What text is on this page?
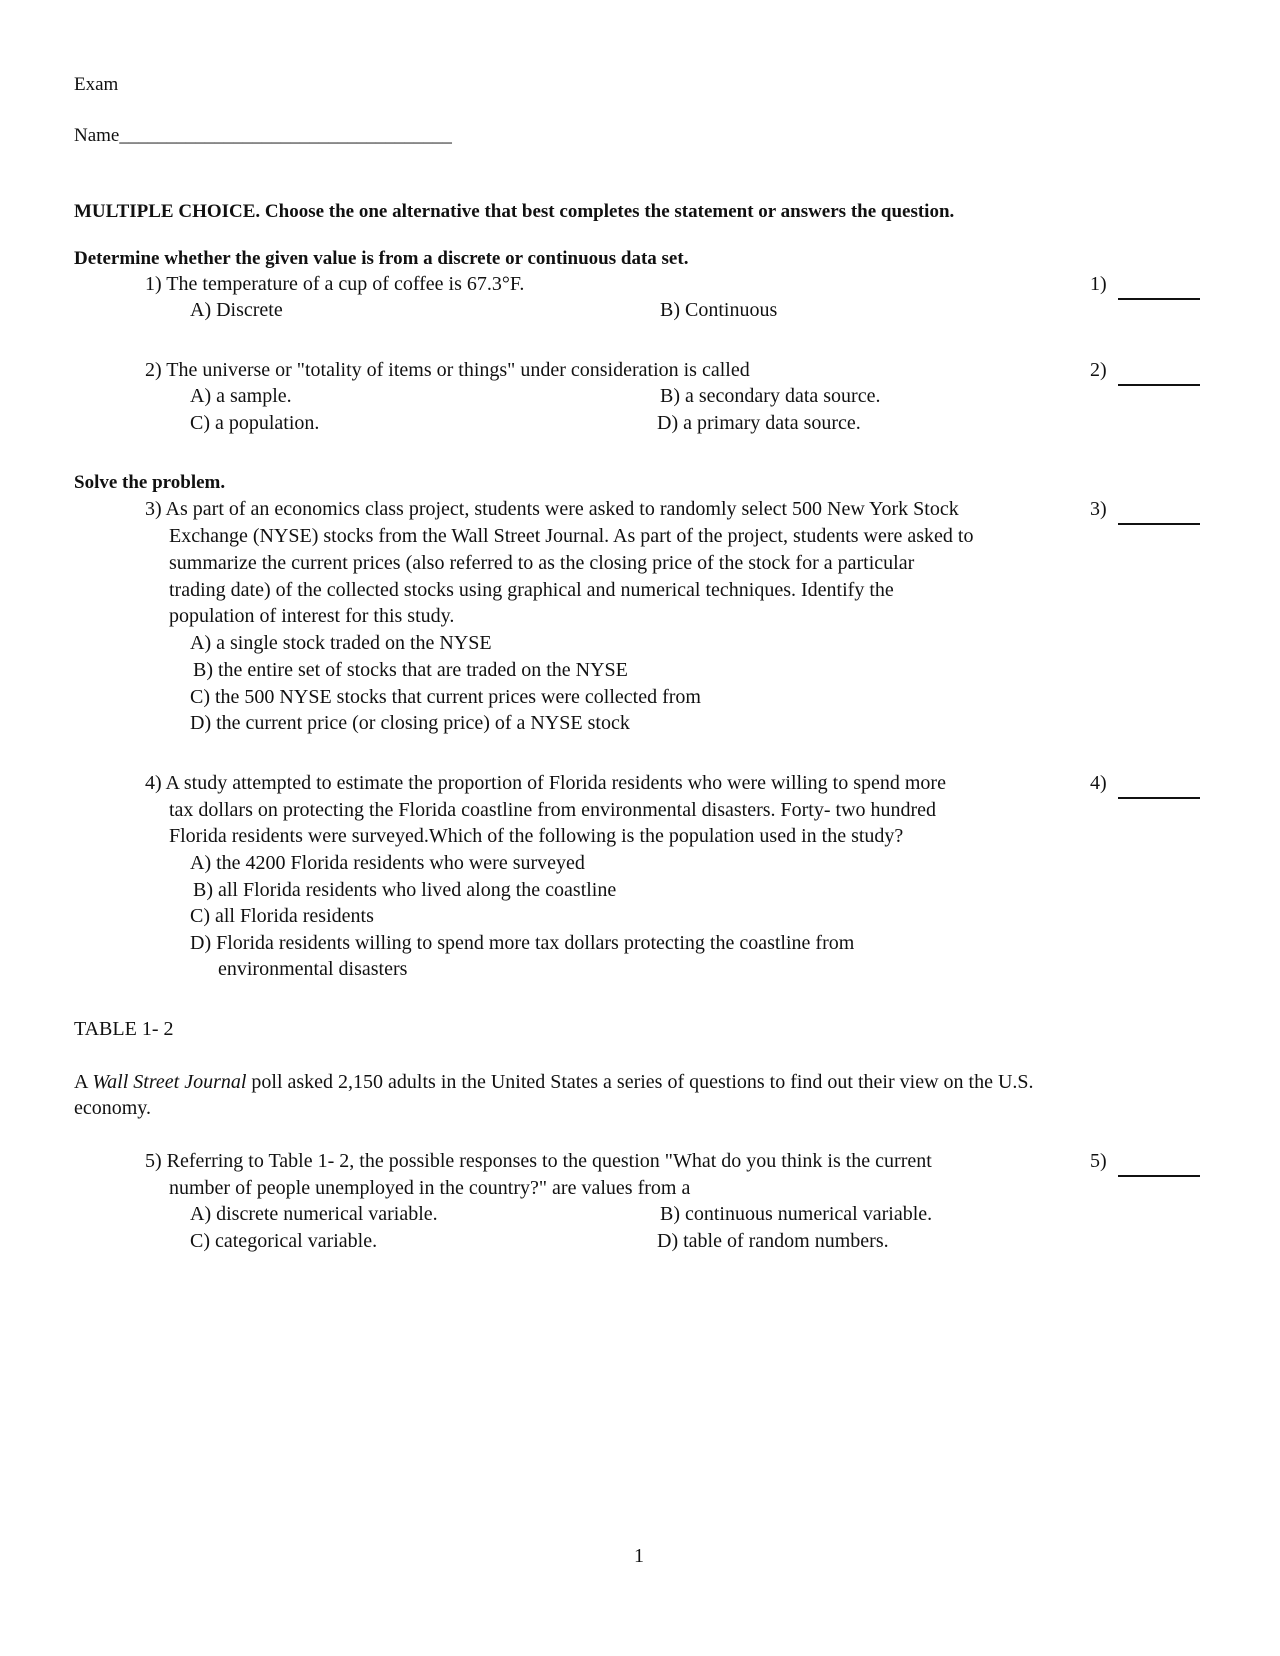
Exam
Name___________________________________
MULTIPLE CHOICE. Choose the one alternative that best completes the statement or answers the question.
Determine whether the given value is from a discrete or continuous data set.
1) The temperature of a cup of coffee is 67.3°F.	1)
A) Discrete	B) Continuous
2) The universe or "totality of items or things" under consideration is called	2)
A) a sample.	B) a secondary data source.
C) a population.	D) a primary data source.
Solve the problem.
3) As part of an economics class project, students were asked to randomly select 500 New York Stock
Exchange (NYSE) stocks from the Wall Street Journal. As part of the project, students were asked to
summarize the current prices (also referred to as the closing price of the stock for a particular
trading date) of the collected stocks using graphical and numerical techniques. Identify the
population of interest for this study.
3)
A) a single stock traded on the NYSE
B) the entire set of stocks that are traded on the NYSE
C) the 500 NYSE stocks that current prices were collected from
D) the current price (or closing price) of a NYSE stock
4) A study attempted to estimate the proportion of Florida residents who were willing to spend more
tax dollars on protecting the Florida coastline from environmental disasters. Forty- two hundred
Florida residents were surveyed.Which of the following is the population used in the study?
4)
A) the 4200 Florida residents who were surveyed
B) all Florida residents who lived along the coastline
C) all Florida residents
D) Florida residents willing to spend more tax dollars protecting the coastline from
environmental disasters
TABLE 1- 2
A Wall Street Journal poll asked 2,150 adults in the United States a series of questions to find out their view on the U.S.
economy.
5) Referring to Table 1- 2, the possible responses to the question "What do you think is the current
number of people unemployed in the country?" are values from a
5)
A) discrete numerical variable.	B) continuous numerical variable.
C) categorical variable.	D) table of random numbers.
1
